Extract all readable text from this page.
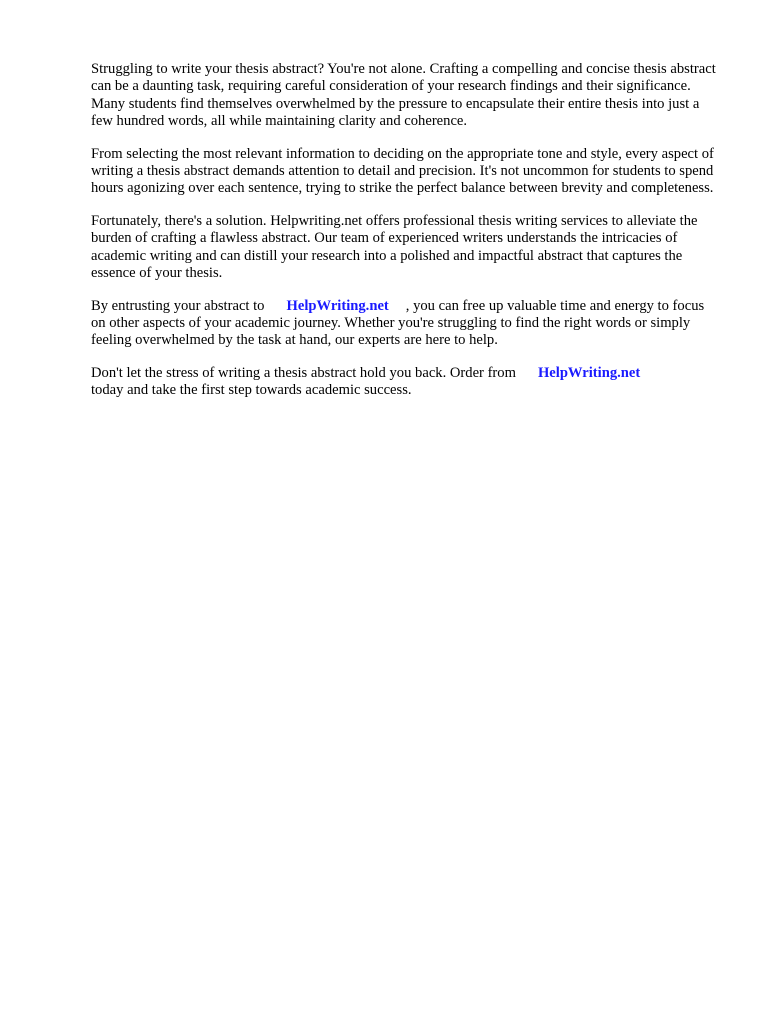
Struggling to write your thesis abstract? You're not alone. Crafting a compelling and concise thesis abstract can be a daunting task, requiring careful consideration of your research findings and their significance. Many students find themselves overwhelmed by the pressure to encapsulate their entire thesis into just a few hundred words, all while maintaining clarity and coherence.

From selecting the most relevant information to deciding on the appropriate tone and style, every aspect of writing a thesis abstract demands attention to detail and precision. It's not uncommon for students to spend hours agonizing over each sentence, trying to strike the perfect balance between brevity and completeness.

Fortunately, there's a solution. Helpwriting.net offers professional thesis writing services to alleviate the burden of crafting a flawless abstract. Our team of experienced writers understands the intricacies of academic writing and can distill your research into a polished and impactful abstract that captures the essence of your thesis.

By entrusting your abstract to HelpWriting.net , you can free up valuable time and energy to focus on other aspects of your academic journey. Whether you're struggling to find the right words or simply feeling overwhelmed by the task at hand, our experts are here to help.

Don't let the stress of writing a thesis abstract hold you back. Order from HelpWriting.net
today and take the first step towards academic success.
